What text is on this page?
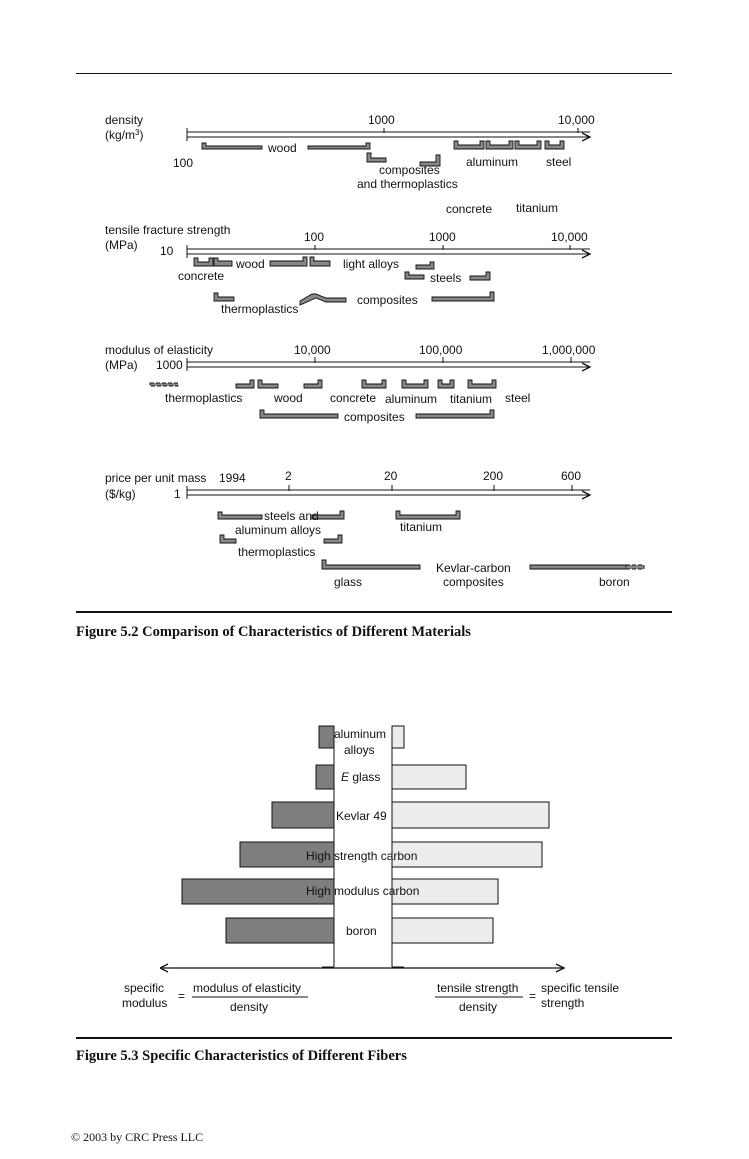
density
$(kg/m^3)$
100
1000	10,000
wood
composites
and thermoplastics
aluminum steel
concrete titanium
tensile fracture strength
(MPa) 10
100	1000	10,000
wood	light alloys
concrete	steels
composites
thermoplastics
modulus of elasticity
(MPa) 1000
10,000	100,000	1,000,000
thermoplastics	wood concrete aluminum titanium steel
composites
price per unit mass
($/kg)
1994
1
2	20	200	600
steels and
aluminum alloys
thermoplastics
titanium
glass
Kevlar-carbon
composites	boron
Figure 5.2 Comparison of Characteristics of Different Materials
aluminum
alloys
E glass
Kevlar 49
High strength carbon
High modulus carbon
boron
specific
modulus =
modulus of elasticity
density
tensile strength
density
=
specific tensile
strength
Figure 5.3 Specific Characteristics of Different Fibers
© 2003 by CRC Press LLC
